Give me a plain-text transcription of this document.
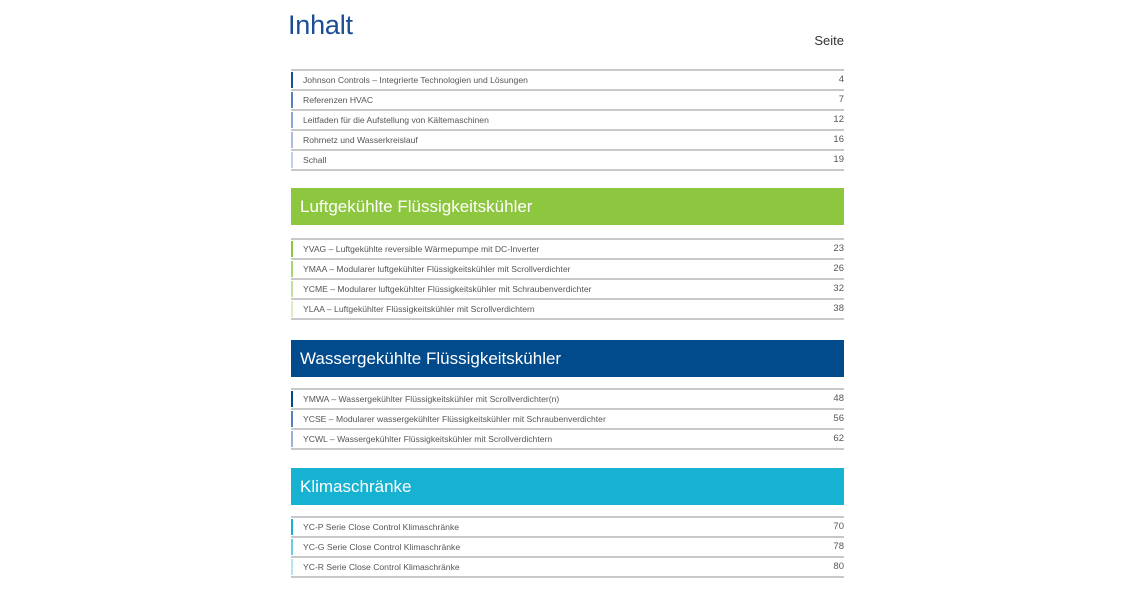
Inhalt
Seite
Johnson Controls – Integrierte Technologien und Lösungen	4
Referenzen HVAC	7
Leitfaden für die Aufstellung von Kältemaschinen	12
Rohrnetz und Wasserkreislauf	16
Schall	19
Luftgekühlte Flüssigkeitskühler
YVAG – Luftgekühlte reversible Wärmepumpe mit DC-Inverter	23
YMAA – Modularer luftgekühlter Flüssigkeitskühler mit Scrollverdichter	26
YCME – Modularer luftgekühlter Flüssigkeitskühler mit Schraubenverdichter	32
YLAA – Luftgekühlter Flüssigkeitskühler mit Scrollverdichtern	38
Wassergekühlte Flüssigkeitskühler
YMWA – Wassergekühlter Flüssigkeitskühler mit Scrollverdichter(n)	48
YCSE – Modularer wassergekühlter Flüssigkeitskühler mit Schraubenverdichter	56
YCWL – Wassergekühlter Flüssigkeitskühler mit Scrollverdichtern	62
Klimaschränke
YC-P Serie Close Control Klimaschränke	70
YC-G Serie Close Control Klimaschränke	78
YC-R Serie Close Control Klimaschränke	80
